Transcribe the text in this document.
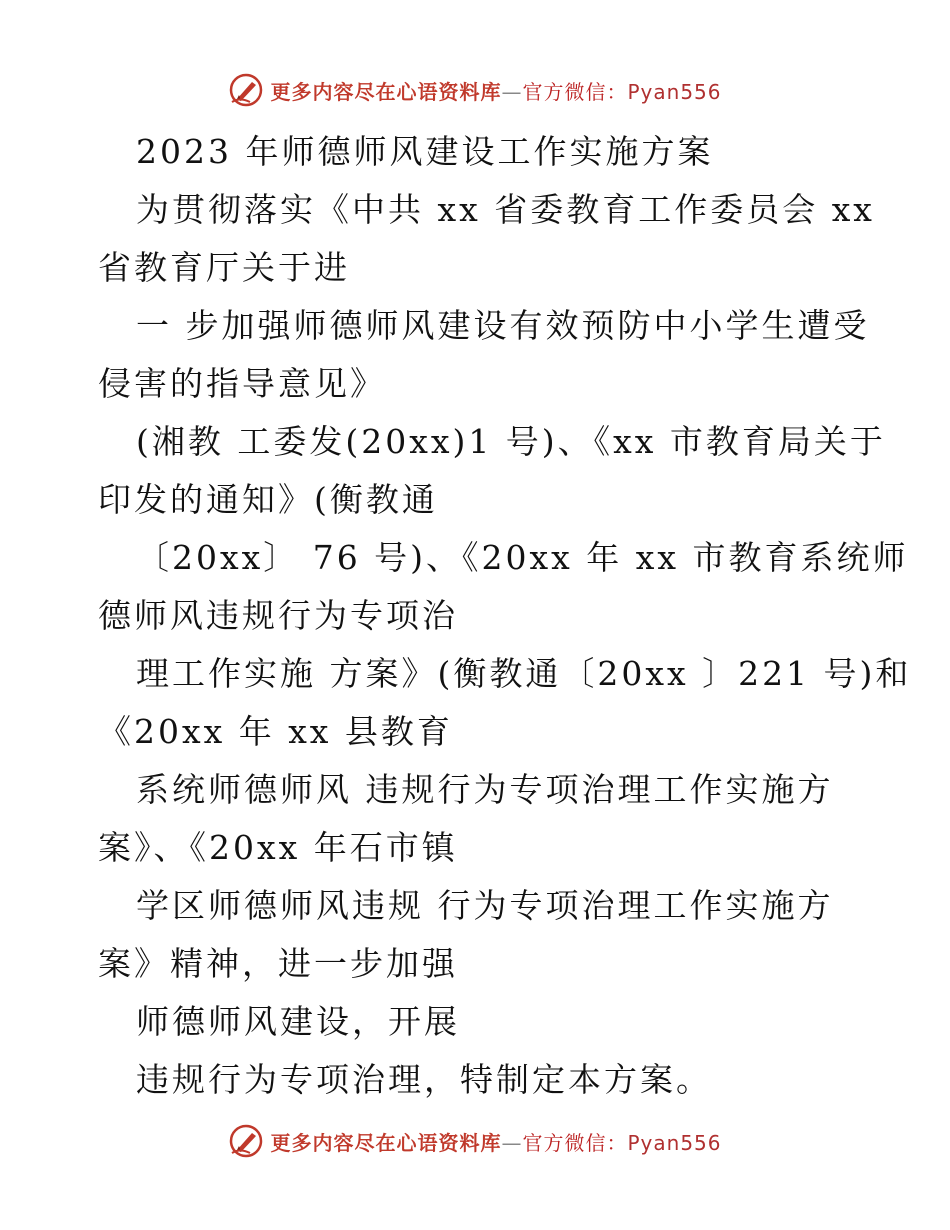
更多内容尽在心语资料库—官方微信：Pyan556
2023 年师德师风建设工作实施方案
为贯彻落实《中共 xx 省委教育工作委员会 xx
省教育厅关于进
一 步加强师德师风建设有效预防中小学生遭受
侵害的指导意见》
(湘教 工委发(20xx)1 号)、《xx 市教育局关于
印发的通知》(衡教通
〔20xx〕 76 号)、《20xx 年 xx 市教育系统师
德师风违规行为专项治
理工作实施 方案》(衡教通〔20xx 〕221 号)和
《20xx 年 xx 县教育
系统师德师风 违规行为专项治理工作实施方
案》、《20xx 年石市镇
学区师德师风违规 行为专项治理工作实施方
案》精神，进一步加强
师德师风建设，开展
违规行为专项治理，特制定本方案。
更多内容尽在心语资料库—官方微信：Pyan556
